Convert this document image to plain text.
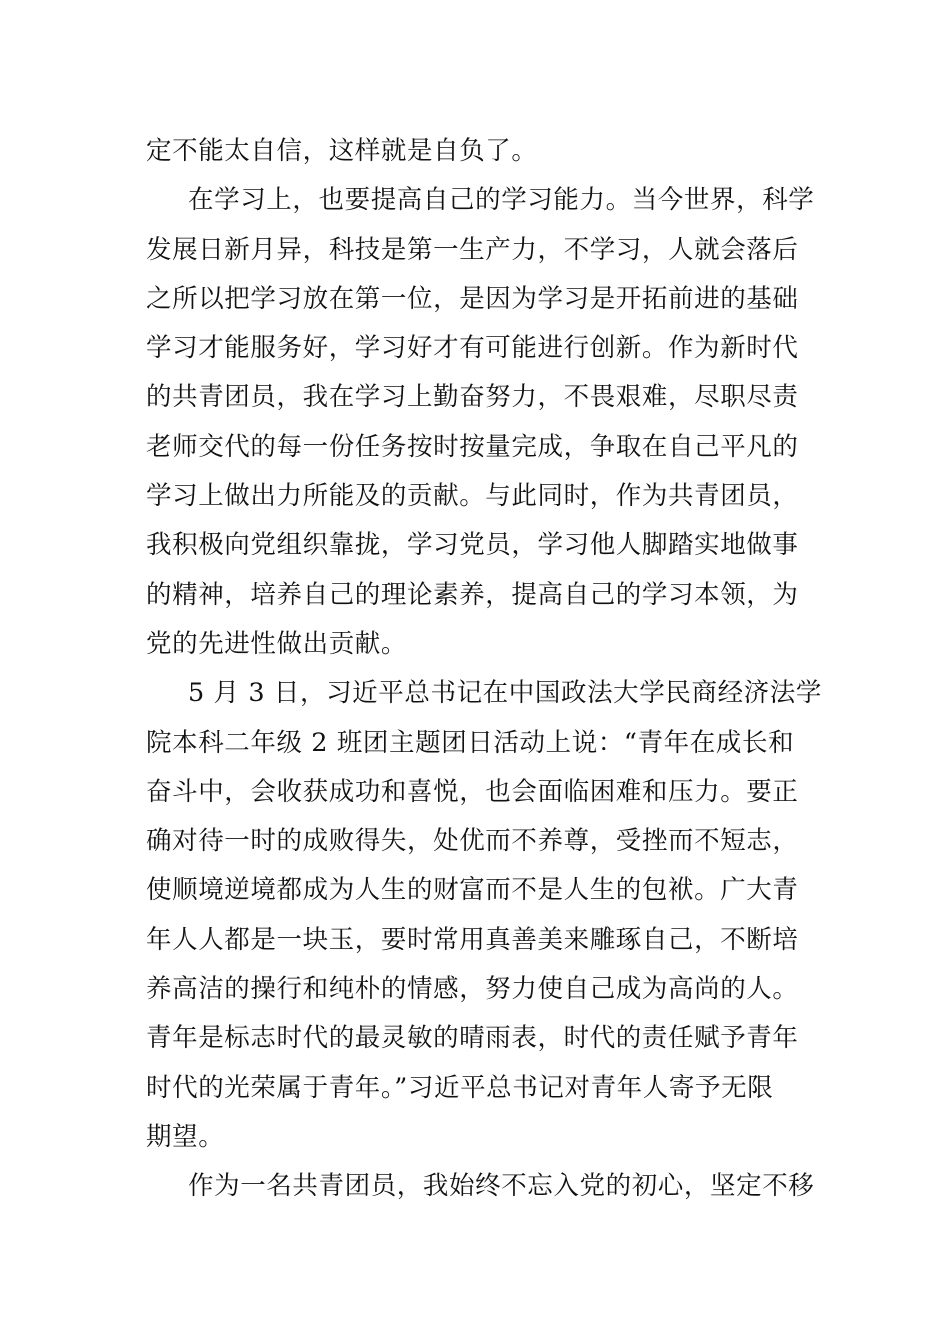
定不能太自信，这样就是自负了。
在学习上，也要提高自己的学习能力。当今世界，科学
发展日新月异，科技是第一生产力，不学习，人就会落后
之所以把学习放在第一位，是因为学习是开拓前进的基础
学习才能服务好，学习好才有可能进行创新。作为新时代
的共青团员，我在学习上勤奋努力，不畏艰难，尽职尽责
老师交代的每一份任务按时按量完成，争取在自己平凡的
学习上做出力所能及的贡献。与此同时，作为共青团员，
我积极向党组织靠拢，学习党员，学习他人脚踏实地做事
的精神，培养自己的理论素养，提高自己的学习本领，为
党的先进性做出贡献。
5 月 3 日，习近平总书记在中国政法大学民商经济法学
院本科二年级 2 班团主题团日活动上说：“青年在成长和
奋斗中，会收获成功和喜悦，也会面临困难和压力。要正
确对待一时的成败得失，处优而不养尊，受挫而不短志，
使顺境逆境都成为人生的财富而不是人生的包袱。广大青
年人人都是一块玉，要时常用真善美来雕琢自己，不断培
养高洁的操行和纯朴的情感，努力使自己成为高尚的人。
青年是标志时代的最灵敏的晴雨表，时代的责任赋予青年
时代的光荣属于青年。”习近平总书记对青年人寄予无限
期望。
作为一名共青团员，我始终不忘入党的初心，坚定不移
